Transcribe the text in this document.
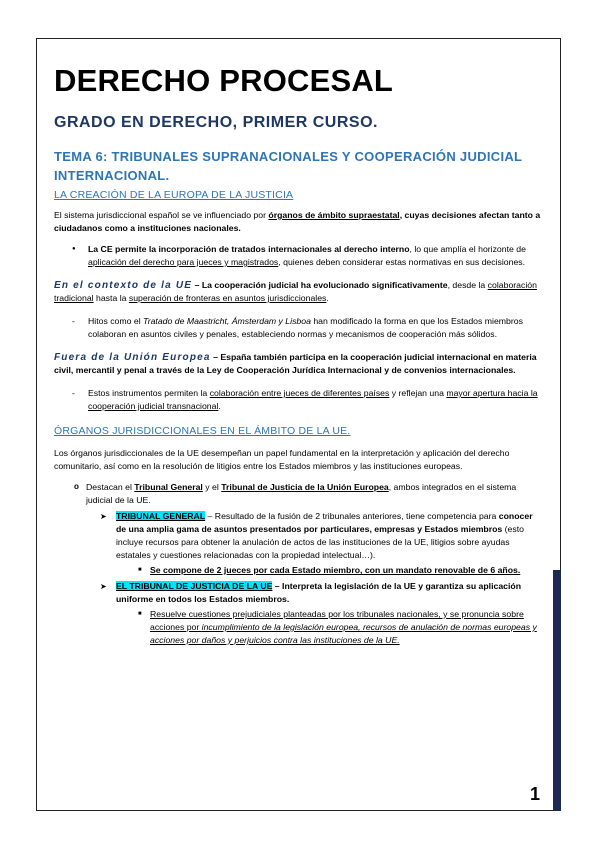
1
DERECHO PROCESAL
GRADO EN DERECHO, PRIMER CURSO.
TEMA 6: TRIBUNALES SUPRANACIONALES Y COOPERACIÓN JUDICIAL INTERNACIONAL.
LA CREACIÓN DE LA EUROPA DE LA JUSTICIA

El sistema jurisdiccional español se ve influenciado por órganos de ámbito supraestatal, cuyas decisiones afectan tanto a ciudadanos como a instituciones nacionales.

● La CE permite la incorporación de tratados internacionales al derecho interno, lo que amplía el horizonte de aplicación del derecho para jueces y magistrados, quienes deben considerar estas normativas en sus decisiones.

En el contexto de la UE – La cooperación judicial ha evolucionado significativamente, desde la colaboración tradicional hasta la superación de fronteras en asuntos jurisdiccionales.

- Hitos como el Tratado de Maastricht, Ámsterdam y Lisboa han modificado la forma en que los Estados miembros colaboran en asuntos civiles y penales, estableciendo normas y mecanismos de cooperación más sólidos.

Fuera de la Unión Europea – España también participa en la cooperación judicial internacional en materia civil, mercantil y penal a través de la Ley de Cooperación Jurídica Internacional y de convenios internacionales.

- Estos instrumentos permiten la colaboración entre jueces de diferentes países y reflejan una mayor apertura hacia la cooperación judicial transnacional.
ÓRGANOS JURISDICCIONALES EN EL ÁMBITO DE LA UE.

Los órganos jurisdiccionales de la UE desempeñan un papel fundamental en la interpretación y aplicación del derecho comunitario, así como en la resolución de litigios entre los Estados miembros y las instituciones europeas.

o Destacan el Tribunal General y el Tribunal de Justicia de la Unión Europea, ambos integrados en el sistema judicial de la UE.
➤ TRIBUNAL GENERAL – Resultado de la fusión de 2 tribunales anteriores, tiene competencia para conocer de una amplia gama de asuntos presentados por particulares, empresas y Estados miembros (esto incluye recursos para obtener la anulación de actos de las instituciones de la UE, litigios sobre ayudas estatales y cuestiones relacionadas con la propiedad intelectual…).
■ Se compone de 2 jueces por cada Estado miembro, con un mandato renovable de 6 años.
➤ EL TRIBUNAL DE JUSTICIA DE LA UE – Interpreta la legislación de la UE y garantiza su aplicación uniforme en todos los Estados miembros.
■ Resuelve cuestiones prejudiciales planteadas por los tribunales nacionales, y se pronuncia sobre acciones por incumplimiento de la legislación europea, recursos de anulación de normas europeas y acciones por daños y perjuicios contra las instituciones de la UE.
